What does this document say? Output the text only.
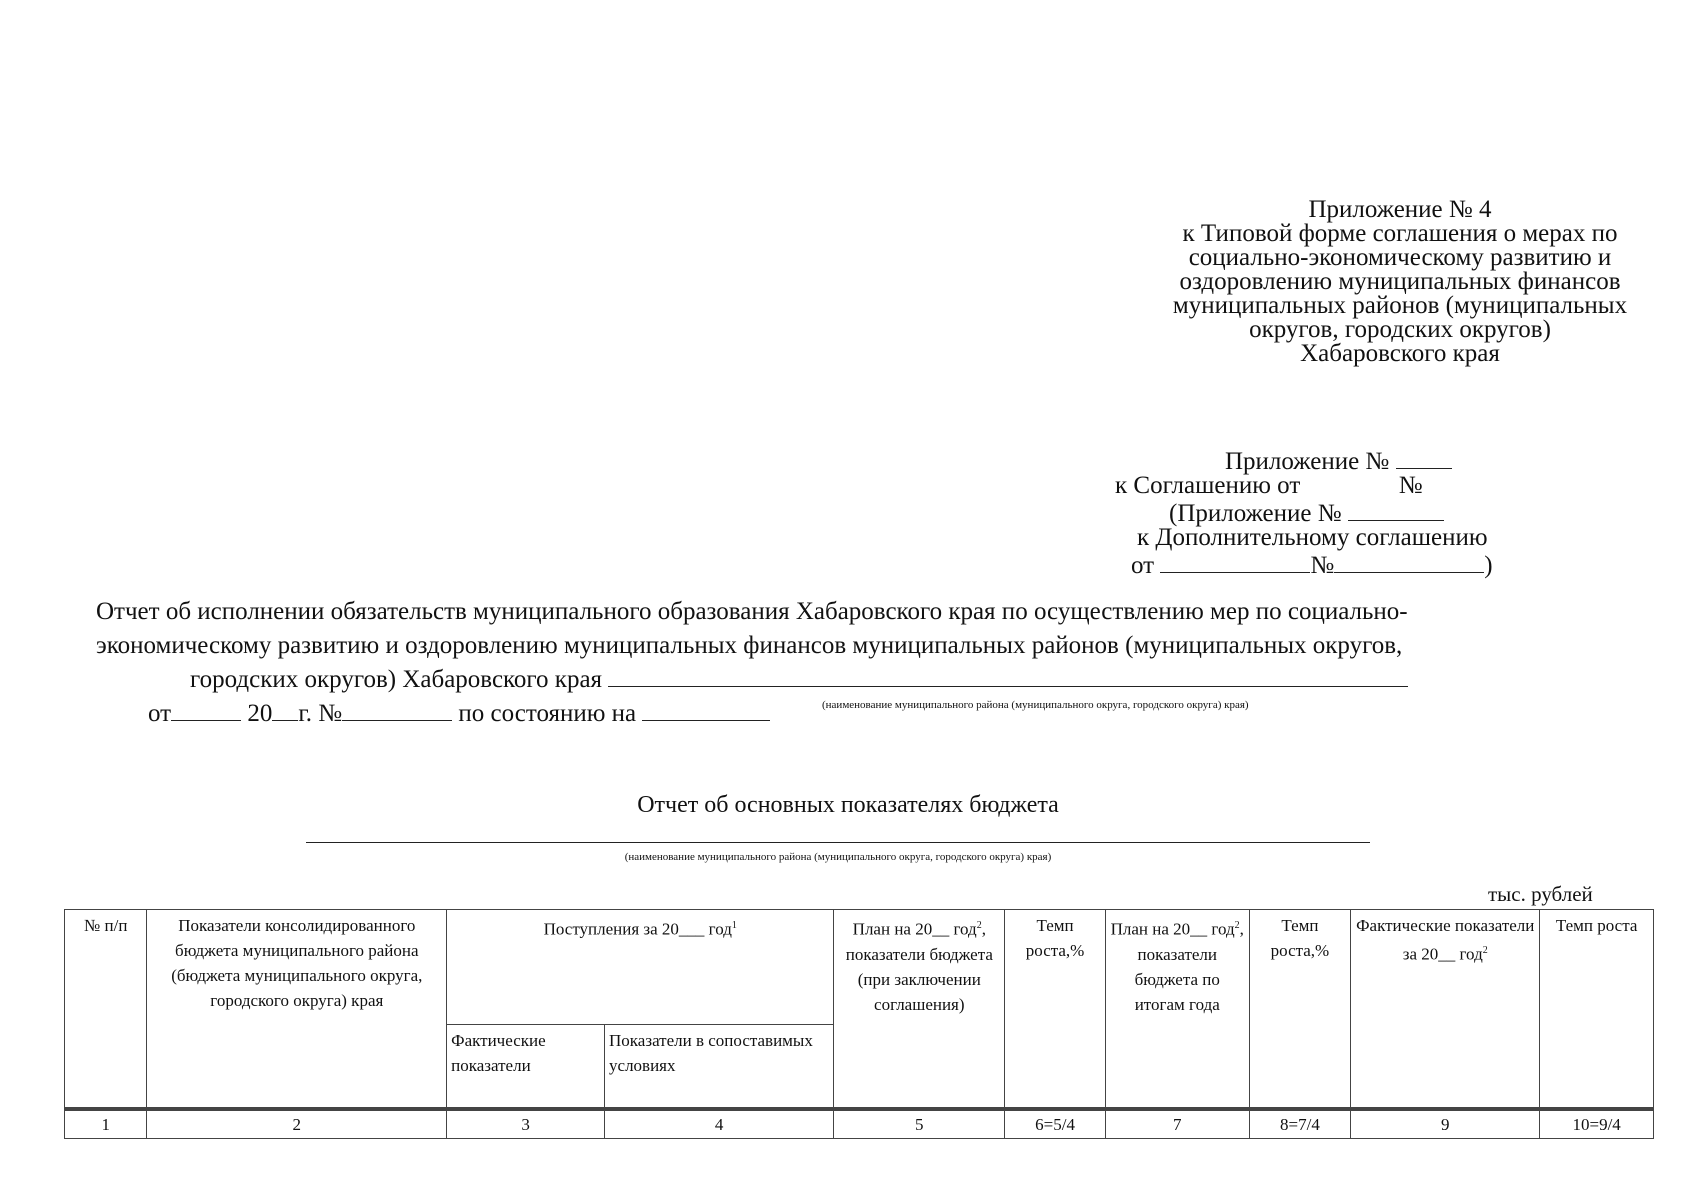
Приложение № 4
к Типовой форме соглашения о мерах по
социально-экономическому развитию и
оздоровлению муниципальных финансов
муниципальных районов (муниципальных
округов, городских округов)
Хабаровского края
Приложение №
к Соглашению от	№
(Приложение №
к Дополнительному соглашению
от	№	)
Отчет об исполнении обязательств муниципального образования Хабаровского края по осуществлению мер по социально-
экономическому развитию и оздоровлению муниципальных финансов муниципальных районов (муниципальных округов,
городских округов) Хабаровского края
от	20 г. №	по состоянию на	(наименование муниципального района (муниципального округа, городского округа) края)
Отчет об основных показателях бюджета
(наименование муниципального района (муниципального округа, городского округа) края)
тыс. рублей
№ п/п	Показатели консолидированного бюджета муниципального района (бюджета муниципального округа, городского округа) края	Поступления за 20___ год$^1$		План на 20__ год$^2$, показатели бюджета (при заключении соглашения)	Темп роста,%	План на 20__ год$^2$, показатели бюджета по итогам года	Темп роста,%	Фактические показатели за 20__ год$^2$	Темп роста
		Фактические показатели	Показатели в сопоставимых условиях						
1	2	3	4	5	6=5/4	7	8=7/4	9	10=9/4
